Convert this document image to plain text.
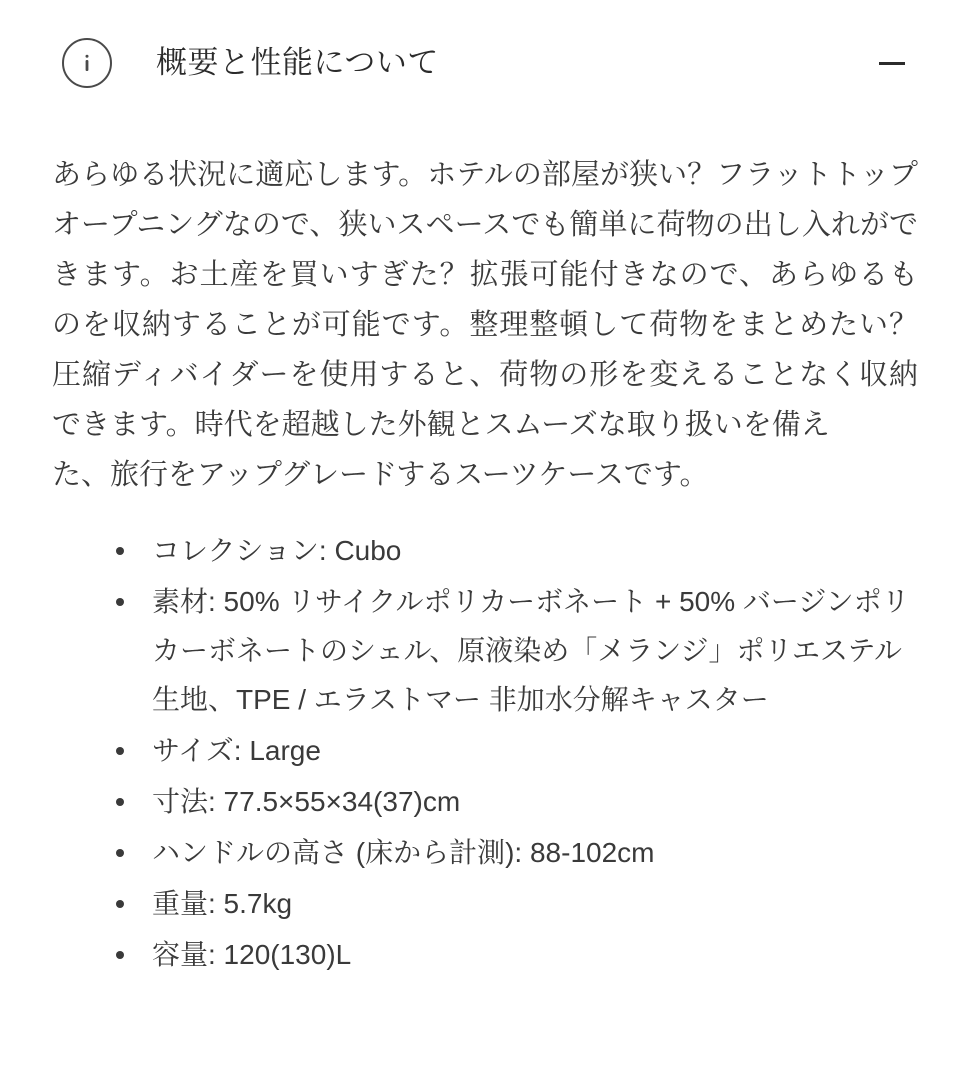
概要と性能について

あらゆる状況に適応します。ホテルの部屋が狭い？フラットトップオープニングなので、狭いスペースでも簡単に荷物の出し入れができます。お土産を買いすぎた？拡張可能付きなので、あらゆるものを収納することが可能です。整理整頓して荷物をまとめたい？圧縮ディバイダーを使用すると、荷物の形を変えることなく収納できます。時代を超越した外観とスムーズな取り扱いを備え
た、旅行をアップグレードするスーツケースです。

コレクション: Cubo
素材: 50% リサイクルポリカーボネート + 50% バージンポリカーボネートのシェル、原液染め「メランジ」ポリエステル
生地、TPE / エラストマー 非加水分解キャスター
サイズ: Large
寸法: 77.5×55×34(37)cm
ハンドルの高さ (床から計測): 88-102cm
重量: 5.7kg
容量: 120(130)L
